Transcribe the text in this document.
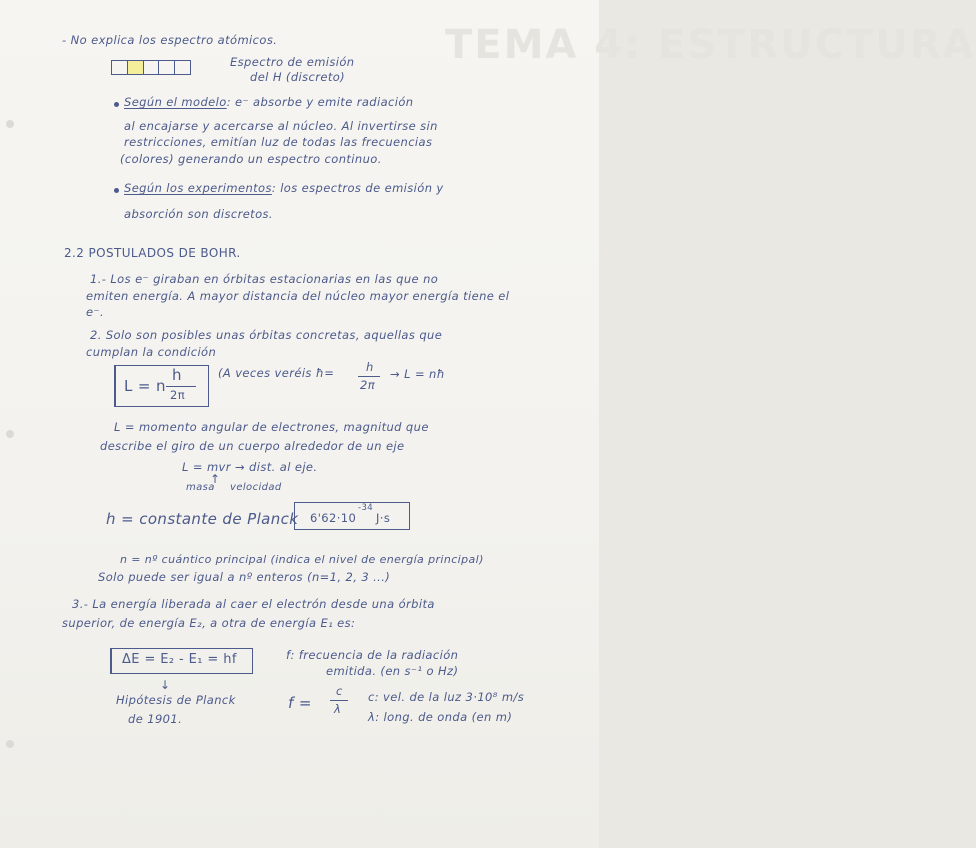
TEMA 4: ESTRUCTURA
- No explica los espectro atómicos.
Espectro de emisión
del H (discreto)
Según el modelo: e⁻ absorbe y emite radiación
al encajarse y acercarse al núcleo. Al invertirse sin
restricciones, emitían luz de todas las frecuencias
(colores) generando un espectro continuo.
Según los experimentos: los espectros de emisión y
absorción son discretos.
2.2 POSTULADOS DE BOHR.
1.- Los e⁻ giraban en órbitas estacionarias en las que no
emiten energía. A mayor distancia del núcleo mayor energía tiene el
e⁻.
2. Solo son posibles unas órbitas concretas, aquellas que
cumplan la condición
L = n
h
2π
(A veces veréis ħ=	h
2π
→ L = nħ
L = momento angular de electrones, magnitud que
describe el giro de un cuerpo alrededor de un eje
L = mvr → dist. al eje.
↑
masa velocidad
h = constante de Planck 6'62·10
-34
J·s
n = nº cuántico principal (indica el nivel de energía principal)
Solo puede ser igual a nº enteros (n=1, 2, 3 ...)
3.- La energía liberada al caer el electrón desde una órbita
superior, de energía E₂, a otra de energía E₁ es:
ΔE = E₂ - E₁ = hf
↓
Hipótesis de Planck
de 1901.
f: frecuencia de la radiación
emitida. (en s⁻¹ o Hz)
f =
c
λ
c: vel. de la luz 3·10⁸ m/s
λ: long. de onda (en m)
